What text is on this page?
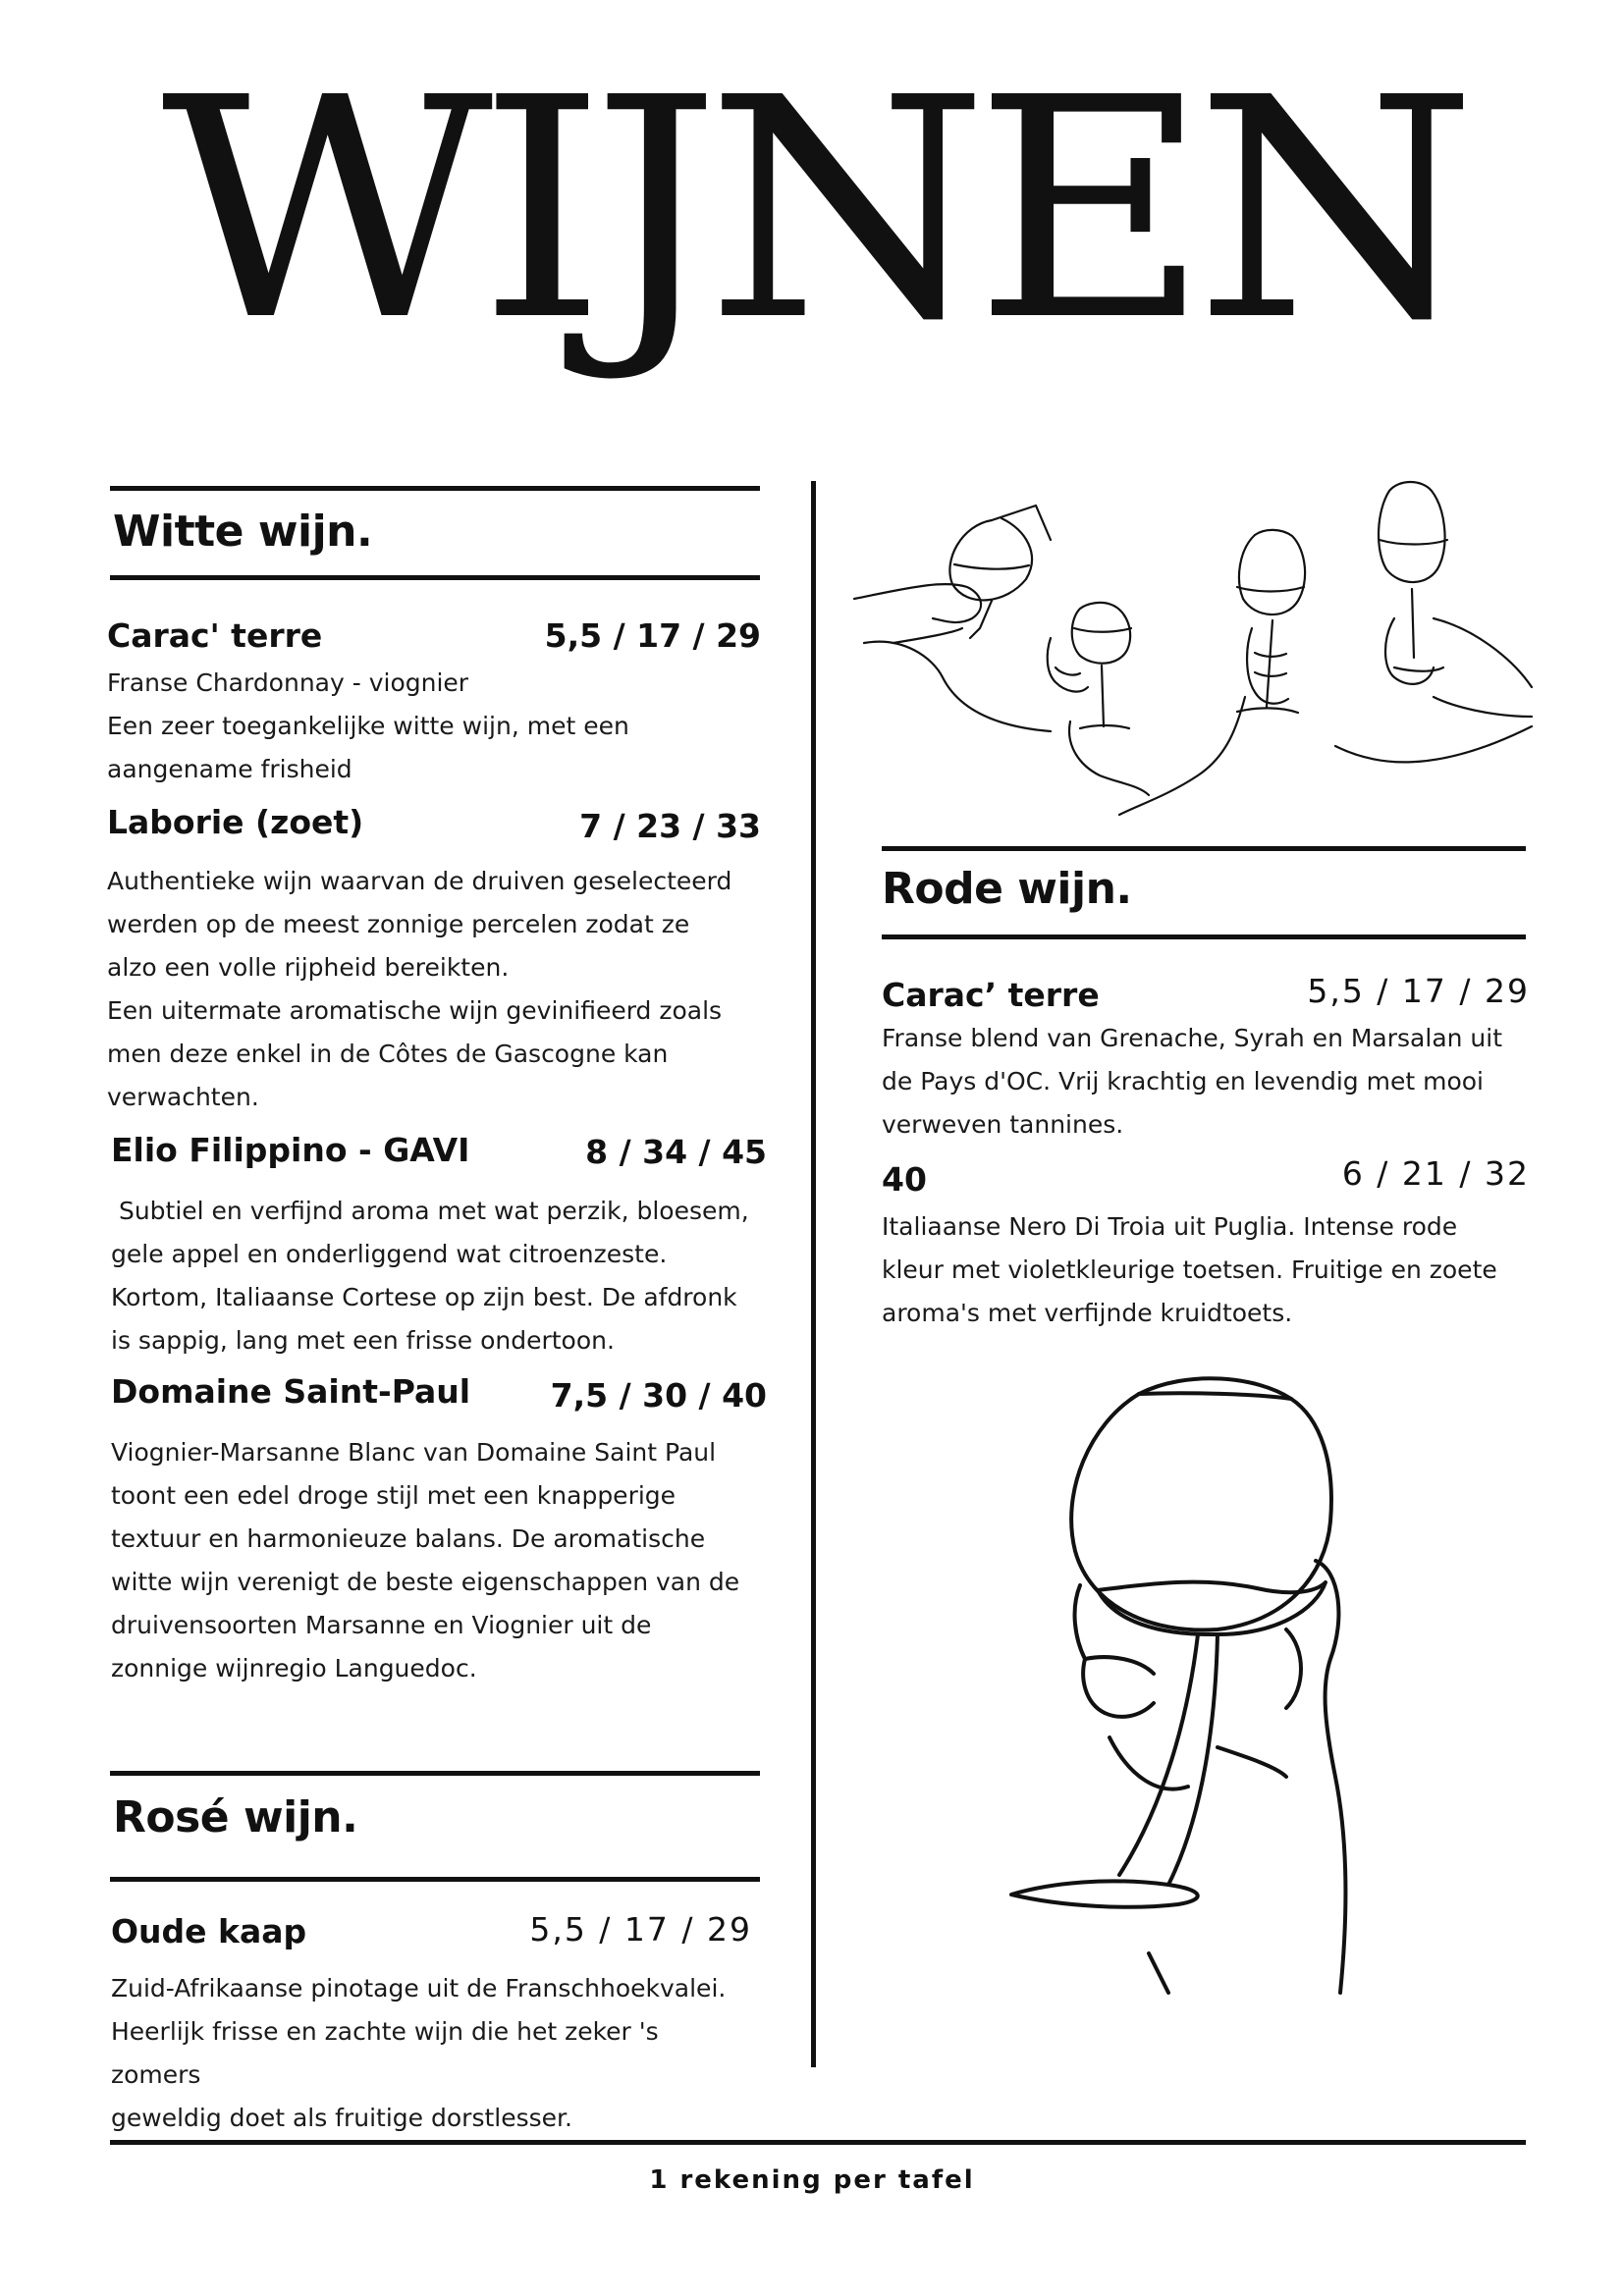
WIJNEN
Witte wijn.
Carac' terre	5,5 / 17 / 29
Franse Chardonnay - viognier

Een zeer toegankelijke witte wijn, met een

aangename frisheid

Laborie (zoet)	7 / 23 / 33

Authentieke wijn waarvan de druiven geselecteerd

werden op de meest zonnige percelen zodat ze

alzo een volle rijpheid bereikten.

Een uitermate aromatische wijn gevinifieerd zoals

men deze enkel in de Côtes de Gascogne kan

verwachten.

Elio Filippino - GAVI	8 / 34 / 45

Subtiel en verfijnd aroma met wat perzik, bloesem,

gele appel en onderliggend wat citroenzeste.

Kortom, Italiaanse Cortese op zijn best. De afdronk

is sappig, lang met een frisse ondertoon.

Domaine Saint-Paul 7,5 / 30 / 40

Viognier-Marsanne Blanc van Domaine Saint Paul

toont een edel droge stijl met een knapperige

textuur en harmonieuze balans. De aromatische

witte wijn verenigt de beste eigenschappen van de

druivensoorten Marsanne en Viognier uit de

zonnige wijnregio Languedoc.

Rosé wijn.
Oude kaap	5,5 / 17 / 29

Zuid-Afrikaanse pinotage uit de Franschhoekvalei.

Heerlijk frisse en zachte wijn die het zeker 's zomers

geweldig doet als fruitige dorstlesser.

Rode wijn.
Carac’ terre	5,5 / 17 / 29

Franse blend van Grenache, Syrah en Marsalan uit

de Pays d'OC. Vrij krachtig en levendig met mooi

verweven tannines.

40	6 / 21 / 32

Italiaanse Nero Di Troia uit Puglia. Intense rode

kleur met violetkleurige toetsen. Fruitige en zoete

aroma's met verfijnde kruidtoets.

1 rekening per tafel
